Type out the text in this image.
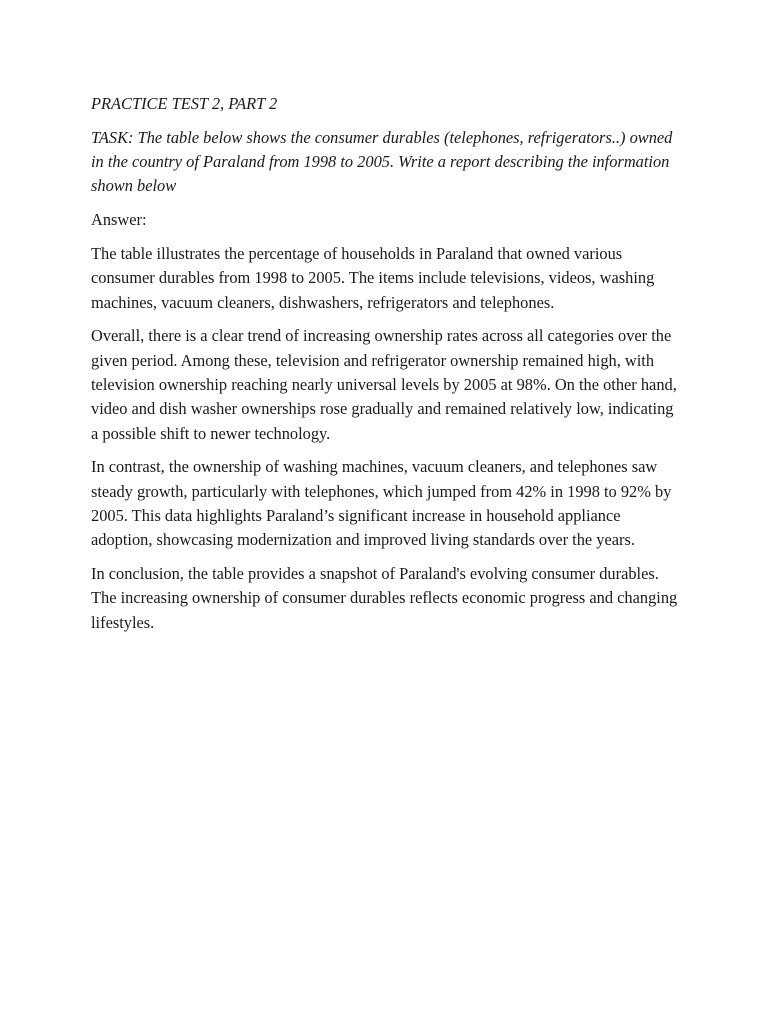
PRACTICE TEST 2, PART 2

TASK: The table below shows the consumer durables (telephones, refrigerators..) owned in the country of Paraland from 1998 to 2005. Write a report describing the information shown below

Answer:

The table illustrates the percentage of households in Paraland that owned various consumer durables from 1998 to 2005. The items include televisions, videos, washing machines, vacuum cleaners, dishwashers, refrigerators and telephones.

Overall, there is a clear trend of increasing ownership rates across all categories over the given period. Among these, television and refrigerator ownership remained high, with television ownership reaching nearly universal levels by 2005 at 98%. On the other hand, video and dish washer ownerships rose gradually and remained relatively low, indicating a possible shift to newer technology.

In contrast, the ownership of washing machines, vacuum cleaners, and telephones saw steady growth, particularly with telephones, which jumped from 42% in 1998 to 92% by 2005. This data highlights Paraland’s significant increase in household appliance adoption, showcasing modernization and improved living standards over the years.

In conclusion, the table provides a snapshot of Paraland's evolving consumer durables. The increasing ownership of consumer durables reflects economic progress and changing lifestyles.
